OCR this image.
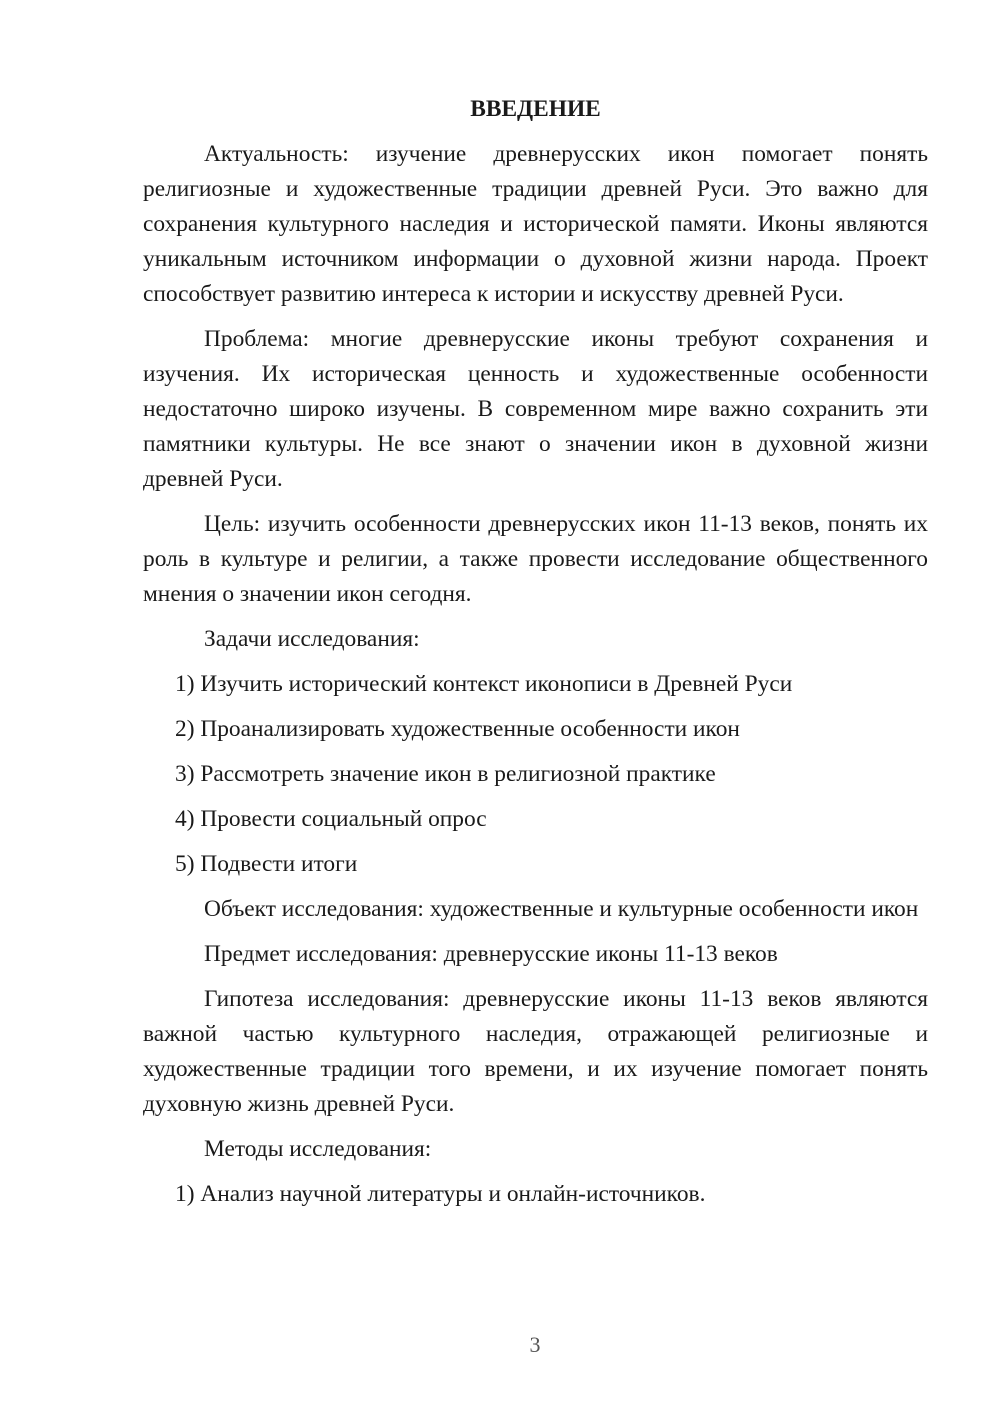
ВВЕДЕНИЕ

Актуальность: изучение древнерусских икон помогает понять религиозные и художественные традиции древней Руси. Это важно для сохранения культурного наследия и исторической памяти. Иконы являются уникальным источником информации о духовной жизни народа. Проект способствует развитию интереса к истории и искусству древней Руси.

Проблема: многие древнерусские иконы требуют сохранения и изучения. Их историческая ценность и художественные особенности недостаточно широко изучены. В современном мире важно сохранить эти памятники культуры. Не все знают о значении икон в духовной жизни древней Руси.

Цель: изучить особенности древнерусских икон 11-13 веков, понять их роль в культуре и религии, а также провести исследование общественного мнения о значении икон сегодня.

Задачи исследования:

1) Изучить исторический контекст иконописи в Древней Руси

2) Проанализировать художественные особенности икон

3) Рассмотреть значение икон в религиозной практике

4) Провести социальный опрос

5) Подвести итоги

Объект исследования: художественные и культурные особенности икон

Предмет исследования: древнерусские иконы 11-13 веков

Гипотеза исследования: древнерусские иконы 11-13 веков являются важной частью культурного наследия, отражающей религиозные и художественные традиции того времени, и их изучение помогает понять духовную жизнь древней Руси.

Методы исследования:

1) Анализ научной литературы и онлайн-источников.

3
